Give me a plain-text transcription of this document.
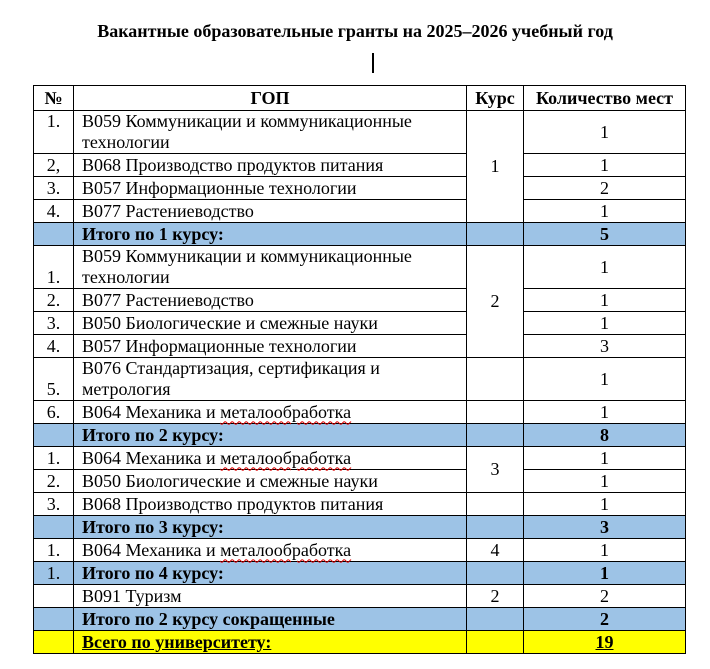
Вакантные образовательные гранты на 2025–2026 учебный год
№	ГОП	Курс	Количество мест
1.	В059 Коммуникации и коммуникационные технологии	1	1
2,	В068 Производство продуктов питания		1
3.	В057 Информационные технологии		2
4.	В077 Растениеводство		1
	Итого по 1 курсу:		5
1.	В059 Коммуникации и коммуникационные технологии	2	1
2.	В077 Растениеводство		1
3.	В050 Биологические и смежные науки		1
4.	В057 Информационные технологии		3
5.	В076 Стандартизация, сертификация и метрология		1
6.	В064 Механика и металообработка		1
	Итого по 2 курсу:		8
1.	В064 Механика и металообработка	3	1
2.	В050 Биологические и смежные науки		1
3.	В068 Производство продуктов питания		1
	Итого по 3 курсу:		3
1.	В064 Механика и металообработка	4	1
1.	Итого по 4 курсу:		1
	В091 Туризм	2	2
	Итого по 2 курсу сокращенные		2
	Всего по университету:		19
